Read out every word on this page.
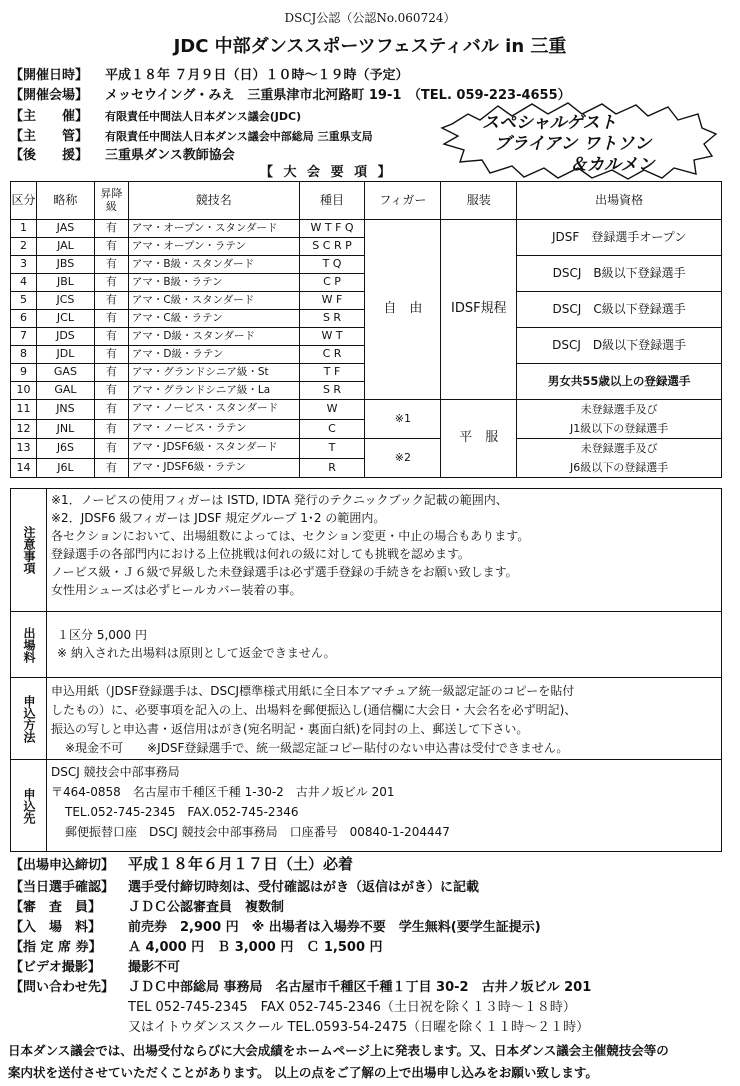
DSCJ公認（公認No.060724）
JDC 中部ダンススポーツフェスティバル in 三重
【開催日時】 平成１８年 ７月９日（日）１０時～１９時（予定）
【開催会場】 メッセウイング・みえ　三重県津市北河路町 19-1　（TEL. 059-223-4655）
【主　　催】 有限責任中間法人日本ダンス議会(JDC)
【主　　管】 有限責任中間法人日本ダンス議会中部総局 三重県支局
【後　　援】 三重県ダンス教師協会
スペシャルゲスト
ブライアン ワトソン
＆カルメン
【 大 会 要 項 】
区分	略称	昇降級	競技名	種目	フィガー	服装	出場資格
1	JAS	有	アマ・オープン・スタンダード	W T F Q	自　由	IDSF規程	JDSF　登録選手オープン
2	JAL	有	アマ・オープン・ラテン	S C R P			
3	JBS	有	アマ・B級・スタンダード	T Q			DSCJ　B級以下登録選手
4	JBL	有	アマ・B級・ラテン	C P			
5	JCS	有	アマ・C級・スタンダード	W F			DSCJ　C級以下登録選手
6	JCL	有	アマ・C級・ラテン	S R			
7	JDS	有	アマ・D級・スタンダード	W T			DSCJ　D級以下登録選手
8	JDL	有	アマ・D級・ラテン	C R			
9	GAS	有	アマ・グランドシニア級・St	T F			男女共55歳以上の登録選手
10	GAL	有	アマ・グランドシニア級・La	S R			
11	JNS	有	アマ・ノービス・スタンダード	W	※1	平　服	未登録選手及び
J1級以下の登録選手

12	JNL	有	アマ・ノービス・ラテン	C			
13	J6S	有	アマ・JDSF6級・スタンダード	T	※2		未登録選手及び
J6級以下の登録選手

14	J6L	有	アマ・JDSF6級・ラテン	R			
注意事項
※1．ノービスの使用フィガーは ISTD, IDTA 発行のテクニックブック記載の範囲内、
※2．JDSF6 級フィガーは JDSF 規定グループ 1･2 の範囲内。
各セクションにおいて、出場組数によっては、セクション変更・中止の場合もあります。
登録選手の各部門内における上位挑戦は何れの級に対しても挑戦を認めます。
ノービス級・Ｊ６級で昇級した未登録選手は必ず選手登録の手続きをお願い致します。
女性用シューズは必ずヒールカバー装着の事。
出場料	１区分 5,000 円
※ 納入された出場料は原則として返金できません。
申込方法
申込用紙（JDSF登録選手は、DSCJ標準様式用紙に全日本アマチュア統一級認定証のコピーを貼付
したもの）に、必要事項を記入の上、出場料を郵便振込し(通信欄に大会日・大会名を必ず明記)、
振込の写しと申込書・返信用はがき(宛名明記・裏面白紙)を同封の上、郵送して下さい。
※現金不可　　※JDSF登録選手で、統一級認定証コピー貼付のない申込書は受付できません。
申込先
DSCJ 競技会中部事務局
〒464-0858　名古屋市千種区千種 1-30-2　古井ノ坂ビル 201
TEL.052-745-2345　FAX.052-745-2346
郵便振替口座　DSCJ 競技会中部事務局　口座番号　00840-1-204447
【出場申込締切】 平成１８年６月１７日（土）必着
【当日選手確認】 選手受付締切時刻は、受付確認はがき（返信はがき）に記載
【審　査　員】 ＪＤＣ公認審査員　複数制
【入　場　料】 前売券　2,900 円　※ 出場者は入場券不要　学生無料(要学生証提示)
【指 定 席 券】 Ａ 4,000 円　Ｂ 3,000 円　Ｃ 1,500 円
【ビデオ撮影】 撮影不可
【問い合わせ先】 ＪＤＣ中部総局 事務局　名古屋市千種区千種１丁目 30-2　古井ノ坂ビル 201
TEL 052-745-2345　FAX 052-745-2346（土日祝を除く１３時～１８時）
又はイトウダンススクール TEL.0593-54-2475（日曜を除く１１時～２１時）
日本ダンス議会では、出場受付ならびに大会成績をホームページ上に発表します。又、日本ダンス議会主催競技会等の
案内状を送付させていただくことがあります。 以上の点をご了解の上で出場申し込みをお願い致します。
